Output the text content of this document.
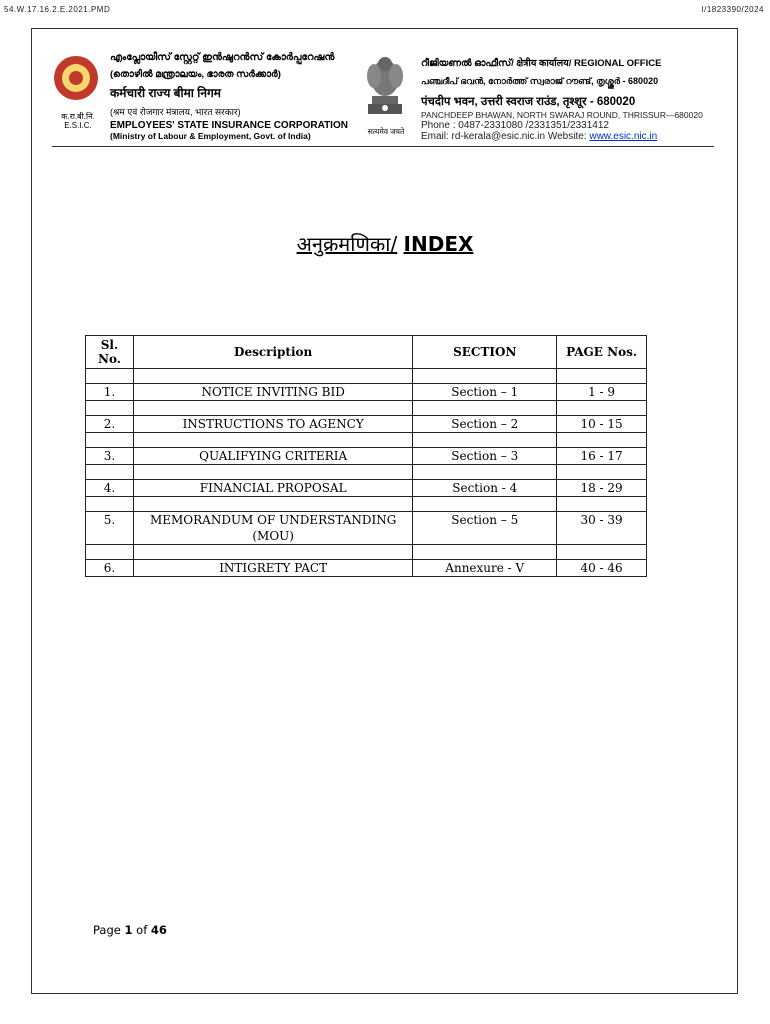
54.W.17.16.2.E.2021.PMD	I/1823390/2024
क.रा.बी.नि.
E.S.I.C.
എംപ്ലോയീസ് സ്റ്റേറ്റ് ഇൻഷുറൻസ് കോർപ്പറേഷൻ
(തൊഴിൽ മന്ത്രാലയം, ഭാരത സർക്കാർ)
कर्मचारी राज्य बीमा निगम
(श्रम एवं रोजगार मंत्रालय, भारत सरकार)
EMPLOYEES' STATE INSURANCE CORPORATION
(Ministry of Labour & Employment, Govt. of India)	सत्यमेव जयते
റീജിയണൽ ഓഫീസ്/ क्षेत्रीय कार्यालय/ REGIONAL OFFICE
പഞ്ചദീപ് ഭവൻ, നോർത്ത് സ്വരാജ് റൗണ്ട്, തൃശ്ശൂർ - 680020
पंचदीप भवन, उत्तरी स्वराज राउंड, तृश्शूर - 680020
PANCHDEEP BHAWAN, NORTH SWARAJ ROUND, THRISSUR—680020
Phone : 0487-2331080 /2331351/2331412
Email: rd-kerala@esic.nic.in Website: www.esic.nic.in
अनुक्रमणिका/ INDEX
Sl. No.	Description	SECTION	PAGE Nos.

1.	NOTICE INVITING BID	Section – 1	1 - 9

2.	INSTRUCTIONS TO AGENCY	Section – 2	10 - 15

3.	QUALIFYING CRITERIA	Section – 3	16 - 17

4.	FINANCIAL PROPOSAL	Section - 4	18 - 29

5.	MEMORANDUM OF UNDERSTANDING (MOU)	Section – 5	30 - 39

6.	INTIGRETY PACT	Annexure - V	40 - 46
Page 1 of 46
